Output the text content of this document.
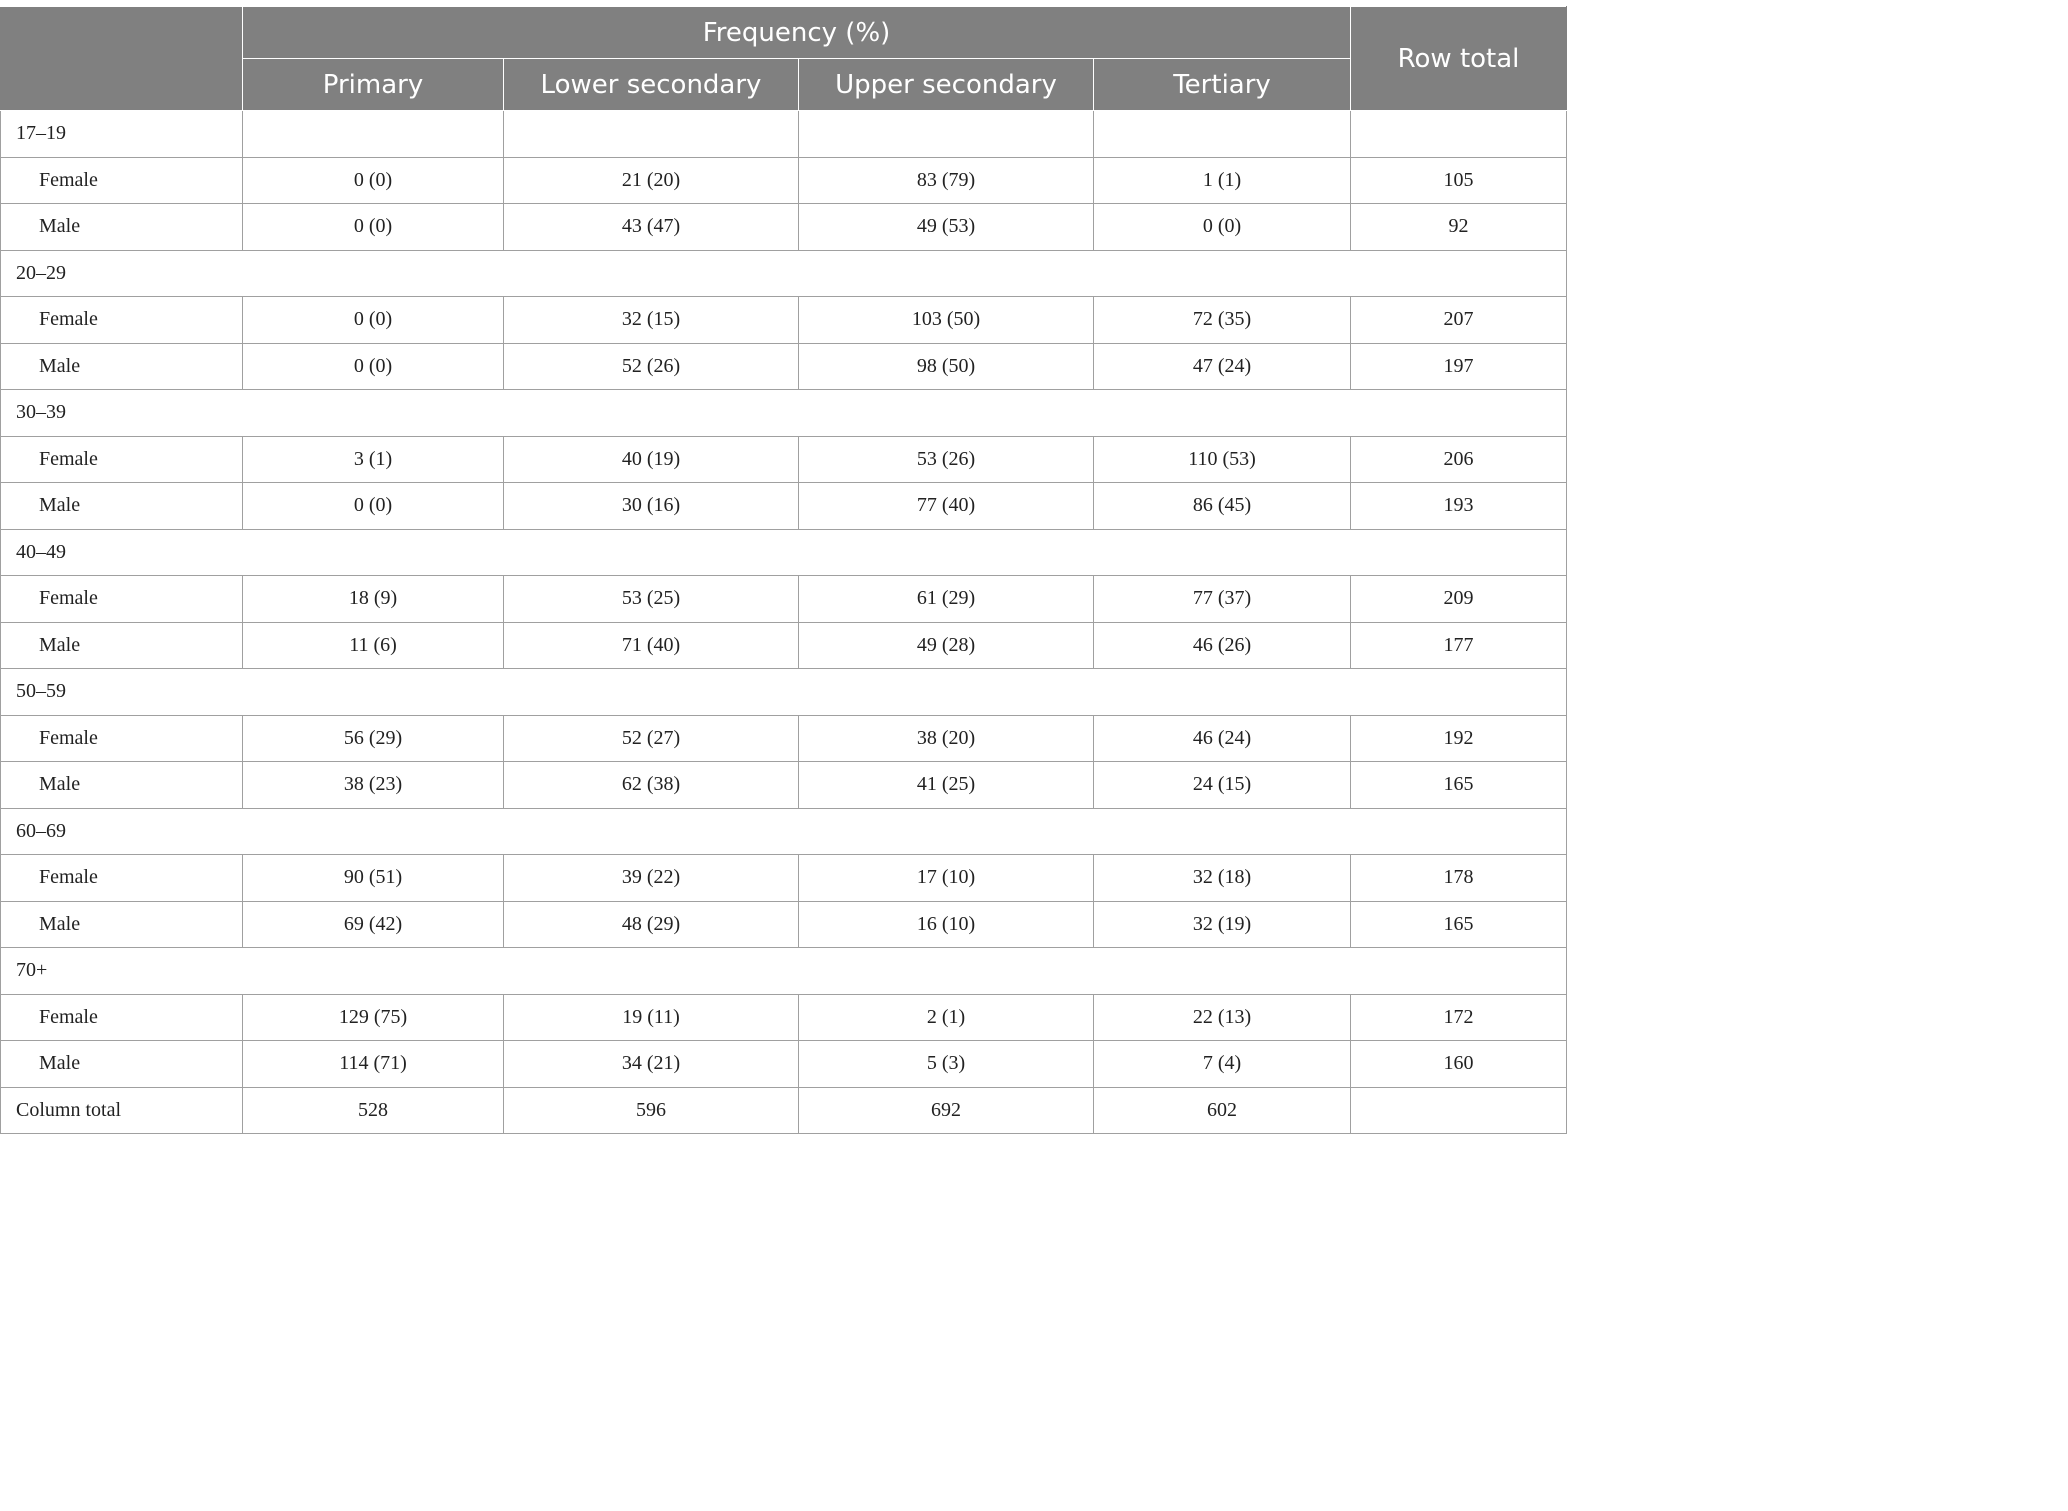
	Frequency (%)				Row total
	Primary	Lower secondary	Upper secondary	Tertiary	
17–19					
Female	0 (0)	21 (20)	83 (79)	1 (1)	105
Male	0 (0)	43 (47)	49 (53)	0 (0)	92
20–29					
Female	0 (0)	32 (15)	103 (50)	72 (35)	207
Male	0 (0)	52 (26)	98 (50)	47 (24)	197
30–39					
Female	3 (1)	40 (19)	53 (26)	110 (53)	206
Male	0 (0)	30 (16)	77 (40)	86 (45)	193
40–49					
Female	18 (9)	53 (25)	61 (29)	77 (37)	209
Male	11 (6)	71 (40)	49 (28)	46 (26)	177
50–59					
Female	56 (29)	52 (27)	38 (20)	46 (24)	192
Male	38 (23)	62 (38)	41 (25)	24 (15)	165
60–69					
Female	90 (51)	39 (22)	17 (10)	32 (18)	178
Male	69 (42)	48 (29)	16 (10)	32 (19)	165
70+					
Female	129 (75)	19 (11)	2 (1)	22 (13)	172
Male	114 (71)	34 (21)	5 (3)	7 (4)	160
Column total	528	596	692	602	
